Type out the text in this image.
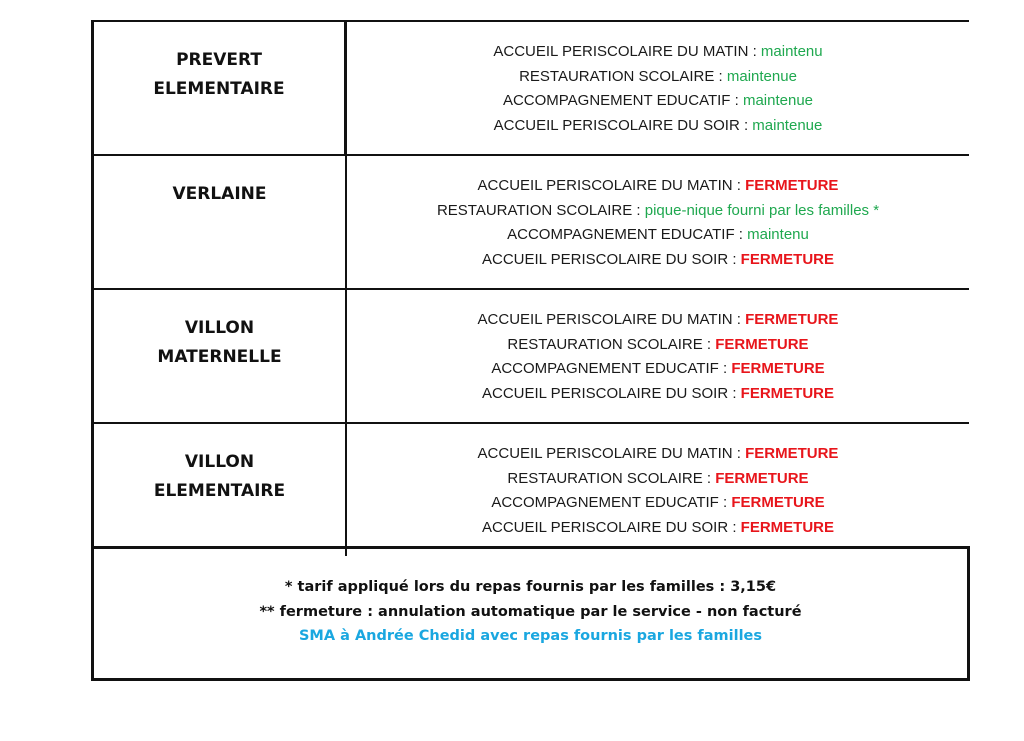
PREVERT
ELEMENTAIRE
ACCUEIL PERISCOLAIRE DU MATIN : maintenu
RESTAURATION SCOLAIRE : maintenue
ACCOMPAGNEMENT EDUCATIF : maintenue
ACCUEIL PERISCOLAIRE DU SOIR : maintenue
VERLAINE	ACCUEIL PERISCOLAIRE DU MATIN : FERMETURE
RESTAURATION SCOLAIRE : pique-nique fourni par les familles *
ACCOMPAGNEMENT EDUCATIF : maintenu
ACCUEIL PERISCOLAIRE DU SOIR : FERMETURE
VILLON
MATERNELLE
ACCUEIL PERISCOLAIRE DU MATIN : FERMETURE
RESTAURATION SCOLAIRE : FERMETURE
ACCOMPAGNEMENT EDUCATIF : FERMETURE
ACCUEIL PERISCOLAIRE DU SOIR : FERMETURE
VILLON
ELEMENTAIRE
ACCUEIL PERISCOLAIRE DU MATIN : FERMETURE
RESTAURATION SCOLAIRE : FERMETURE
ACCOMPAGNEMENT EDUCATIF : FERMETURE
ACCUEIL PERISCOLAIRE DU SOIR : FERMETURE
* tarif appliqué lors du repas fournis par les familles : 3,15€
** fermeture : annulation automatique par le service - non facturé
SMA à Andrée Chedid avec repas fournis par les familles
